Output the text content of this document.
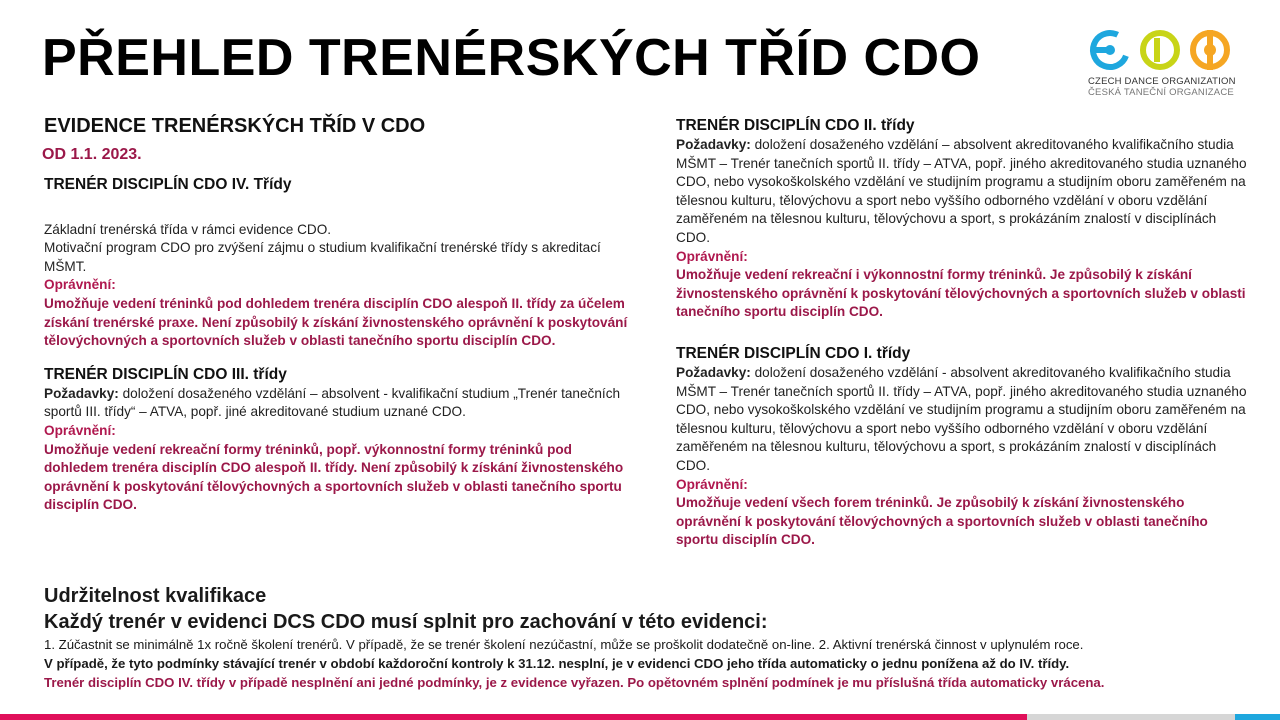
PŘEHLED TRENÉRSKÝCH TŘÍD CDO	CZECH DANCE ORGANIZATION
ČESKÁ TANEČNÍ ORGANIZACE
EVIDENCE TRENÉRSKÝCH TŘÍD V CDO
OD 1.1. 2023.
TRENÉR DISCIPLÍN CDO IV. Třídy
Základní trenérská třída v rámci evidence CDO.
Motivační program CDO pro zvýšení zájmu o studium kvalifikační trenérské třídy s akreditací MŠMT.
Oprávnění:
Umožňuje vedení tréninků pod dohledem trenéra disciplín CDO alespoň II. třídy za účelem získání trenérské praxe. Není způsobilý k získání živnostenského oprávnění k poskytování tělovýchovných a sportovních služeb v oblasti tanečního sportu disciplín CDO.
TRENÉR DISCIPLÍN CDO III. třídy
Požadavky: doložení dosaženého vzdělání – absolvent - kvalifikační studium „Trenér tanečních sportů III. třídy“ – ATVA, popř. jiné akreditované studium uznané CDO.
Oprávnění:
Umožňuje vedení rekreační formy tréninků, popř. výkonnostní formy tréninků pod dohledem trenéra disciplín CDO alespoň II. třídy. Není způsobilý k získání živnostenského oprávnění k poskytování tělovýchovných a sportovních služeb v oblasti tanečního sportu disciplín CDO.
TRENÉR DISCIPLÍN CDO II. třídy
Požadavky: doložení dosaženého vzdělání – absolvent akreditovaného kvalifikačního studia MŠMT – Trenér tanečních sportů II. třídy – ATVA, popř. jiného akreditovaného studia uznaného CDO, nebo vysokoškolského vzdělání ve studijním programu a studijním oboru zaměřeném na tělesnou kulturu, tělovýchovu a sport nebo vyššího odborného vzdělání v oboru vzdělání zaměřeném na tělesnou kulturu, tělovýchovu a sport, s prokázáním znalostí v disciplínách CDO.
Oprávnění:
Umožňuje vedení rekreační i výkonnostní formy tréninků. Je způsobilý k získání živnostenského oprávnění k poskytování tělovýchovných a sportovních služeb v oblasti tanečního sportu disciplín CDO.
TRENÉR DISCIPLÍN CDO I. třídy
Požadavky: doložení dosaženého vzdělání - absolvent akreditovaného kvalifikačního studia MŠMT – Trenér tanečních sportů II. třídy – ATVA, popř. jiného akreditovaného studia uznaného CDO, nebo vysokoškolského vzdělání ve studijním programu a studijním oboru zaměřeném na tělesnou kulturu, tělovýchovu a sport nebo vyššího odborného vzdělání v oboru vzdělání zaměřeném na tělesnou kulturu, tělovýchovu a sport, s prokázáním znalostí v disciplínách CDO.
Oprávnění:
Umožňuje vedení všech forem tréninků. Je způsobilý k získání živnostenského oprávnění k poskytování tělovýchovných a sportovních služeb v oblasti tanečního sportu disciplín CDO.
Udržitelnost kvalifikace
Každý trenér v evidenci DCS CDO musí splnit pro zachování v této evidenci:
1. Zúčastnit se minimálně 1x ročně školení trenérů. V případě, že se trenér školení nezúčastní, může se proškolit dodatečně on-line. 2. Aktivní trenérská činnost v uplynulém roce.
V případě, že tyto podmínky stávající trenér v období každoroční kontroly k 31.12. nesplní, je v evidenci CDO jeho třída automaticky o jednu ponížena až do IV. třídy.
Trenér disciplín CDO IV. třídy v případě nesplnění ani jedné podmínky, je z evidence vyřazen. Po opětovném splnění podmínek je mu příslušná třída automaticky vrácena.
